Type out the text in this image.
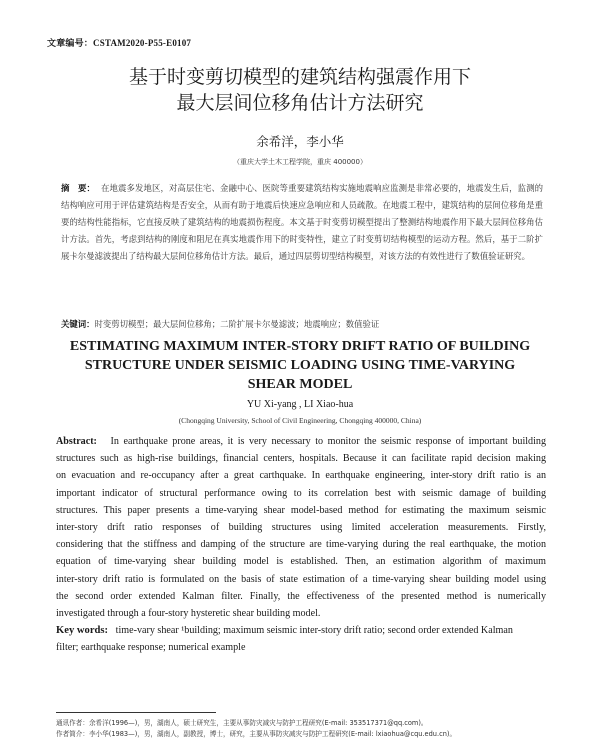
文章编号：CSTAM2020-P55-E0107
基于时变剪切模型的建筑结构强震作用下
最大层间位移角估计方法研究
余希洋，李小华
（重庆大学土木工程学院，重庆 400000）
摘　要： 在地震多发地区，对高层住宅、金融中心、医院等重要建筑结构实施地震响应监测是非常必要的，地震发生后，监测的结构响应可用于评估建筑结构是否安全，从而有助于地震后快速应急响应和人员疏散。在地震工程中，建筑结构的层间位移角是重要的结构性能指标，它直接反映了建筑结构的地震损伤程度。本文基于时变剪切模型提出了整测结构地震作用下最大层间位移角估计方法。首先，考虑到结构的刚度和阻尼在真实地震作用下的时变特性，建立了时变剪切结构模型的运动方程。然后，基于二阶扩展卡尔曼滤波提出了结构最大层间位移角估计方法。最后，通过四层剪切型结构模型，对该方法的有效性进行了数值验证研究。
关键词：时变剪切模型；最大层间位移角；二阶扩展卡尔曼滤波；地震响应；数值验证
ESTIMATING MAXIMUM INTER-STORY DRIFT RATIO OF BUILDING
STRUCTURE UNDER SEISMIC LOADING USING TIME-VARYING
SHEAR MODEL
YU Xi-yang , LI Xiao-hua
(Chongqing University, School of Civil Engineering, Chongqing 400000, China)
Abstract: In earthquake prone areas, it is very necessary to monitor the seismic response of important building
structures such as high-rise buildings, financial centers, hospitals. Because it can facilitate rapid decision making
on evacuation and re-occupancy after a great carthquake. In earthquake engineering, inter-story drift ratio is an
important indicator of structural performance owing to its correlation best with seismic damage of building
structures. This paper presents a time-varying shear model-based method for estimating the maximum seismic
inter-story drift ratio responses of building structures using limited acceleration measurements. Firstly,
considering that the stiffness and damping of the structure are time-varying during the real earthquake, the motion
equation of time-varying shear building model is established. Then, an estimation algorithm of maximum
inter-story drift ratio is formulated on the basis of state estimation of a time-varying shear building model using
the second order extended Kalman filter. Finally, the effectiveness of the presented method is numerically
investigated through a four-story hysteretic shear building model.
Key words: time-vary shear ¹building; maximum seismic inter-story drift ratio; second order extended Kalman
filter; earthquake response; numerical example
通讯作者：余希洋(1996—)，男，湖南人，硕士研究生，主要从事防灾减灾与防护工程研究(E-mail: 353517371@qq.com)。
作者简介：李小华(1983—)，男，湖南人，副教授，博士，研究，主要从事防灾减灾与防护工程研究(E-mail: lxiaohua@cqu.edu.cn)。
